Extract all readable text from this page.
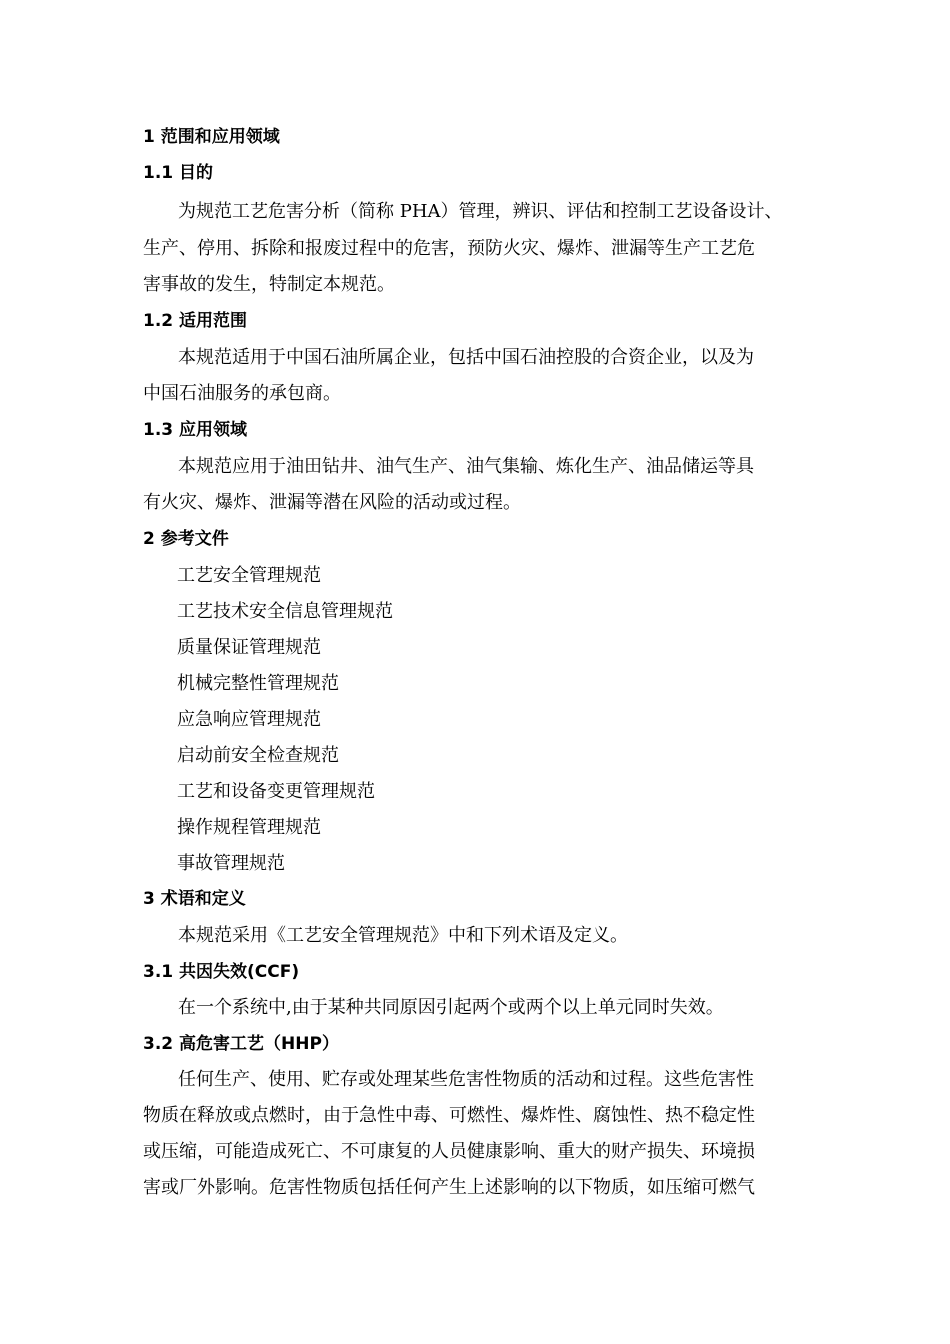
1 范围和应用领域
1.1 目的
为规范工艺危害分析（简称 PHA）管理，辨识、评估和控制工艺设备设计、
生产、停用、拆除和报废过程中的危害，预防火灾、爆炸、泄漏等生产工艺危
害事故的发生，特制定本规范。
1.2 适用范围
本规范适用于中国石油所属企业，包括中国石油控股的合资企业，以及为
中国石油服务的承包商。
1.3 应用领域
本规范应用于油田钻井、油气生产、油气集输、炼化生产、油品储运等具
有火灾、爆炸、泄漏等潜在风险的活动或过程。
2 参考文件
工艺安全管理规范
工艺技术安全信息管理规范
质量保证管理规范
机械完整性管理规范
应急响应管理规范
启动前安全检查规范
工艺和设备变更管理规范
操作规程管理规范
事故管理规范
3 术语和定义
本规范采用《工艺安全管理规范》中和下列术语及定义。
3.1 共因失效(CCF)
在一个系统中,由于某种共同原因引起两个或两个以上单元同时失效。
3.2 高危害工艺（HHP）
任何生产、使用、贮存或处理某些危害性物质的活动和过程。这些危害性
物质在释放或点燃时，由于急性中毒、可燃性、爆炸性、腐蚀性、热不稳定性
或压缩，可能造成死亡、不可康复的人员健康影响、重大的财产损失、环境损
害或厂外影响。危害性物质包括任何产生上述影响的以下物质，如压缩可燃气
